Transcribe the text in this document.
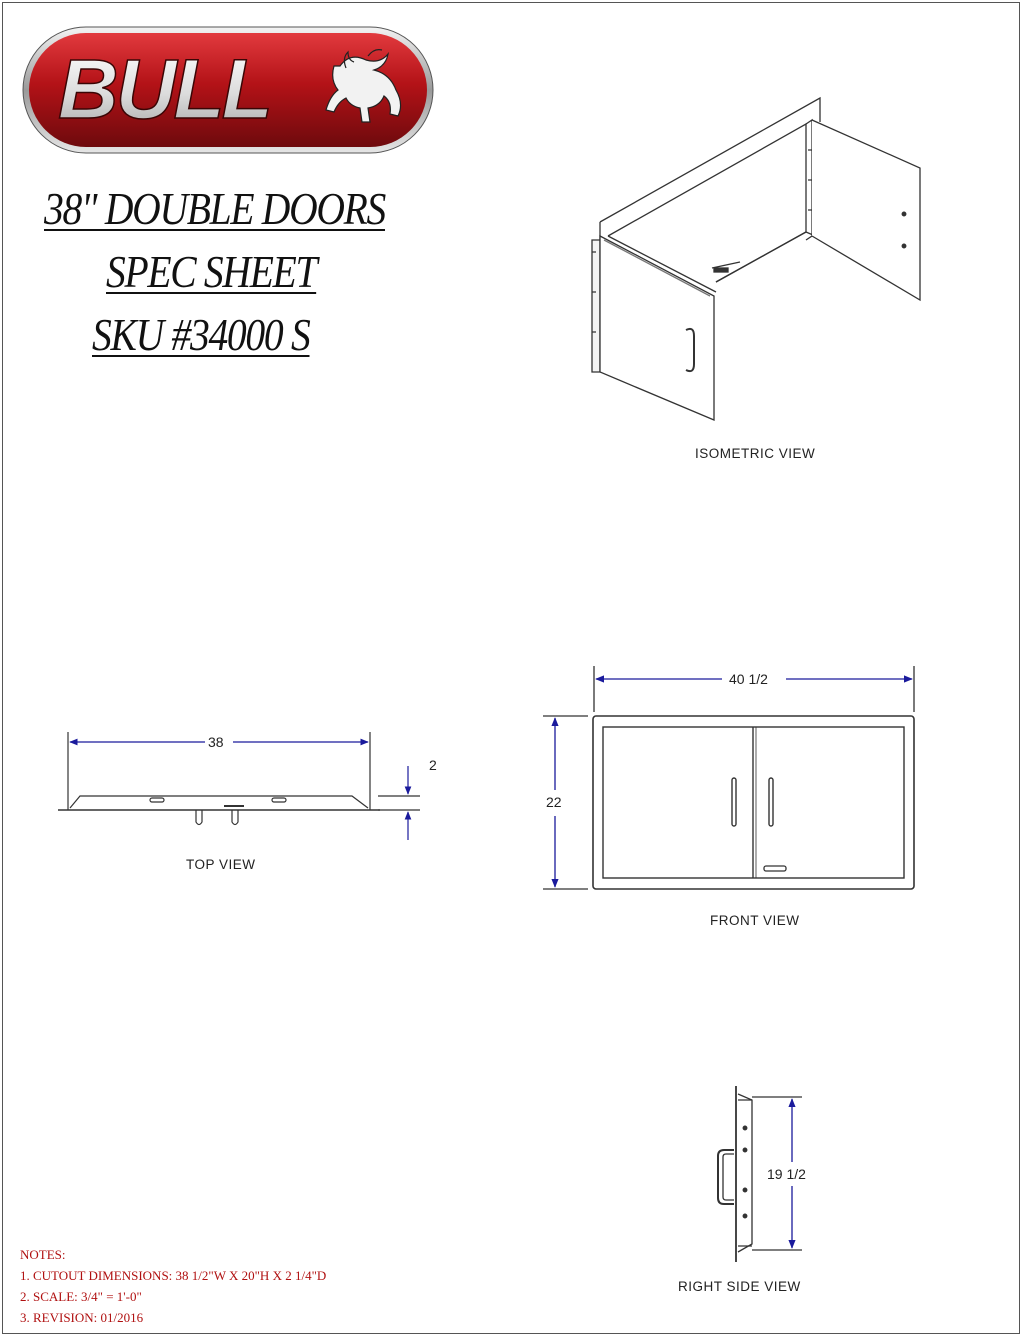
BULL
38" DOUBLE DOORS
SPEC SHEET
SKU #34000 S
38
2
40 1/2
22
19 1/2
ISOMETRIC VIEW
TOP VIEW
FRONT VIEW
RIGHT SIDE VIEW
NOTES:
1. CUTOUT DIMENSIONS: 38 1/2"W X 20"H X 2 1/4"D
2. SCALE: 3/4" = 1'-0"
3. REVISION: 01/2016
